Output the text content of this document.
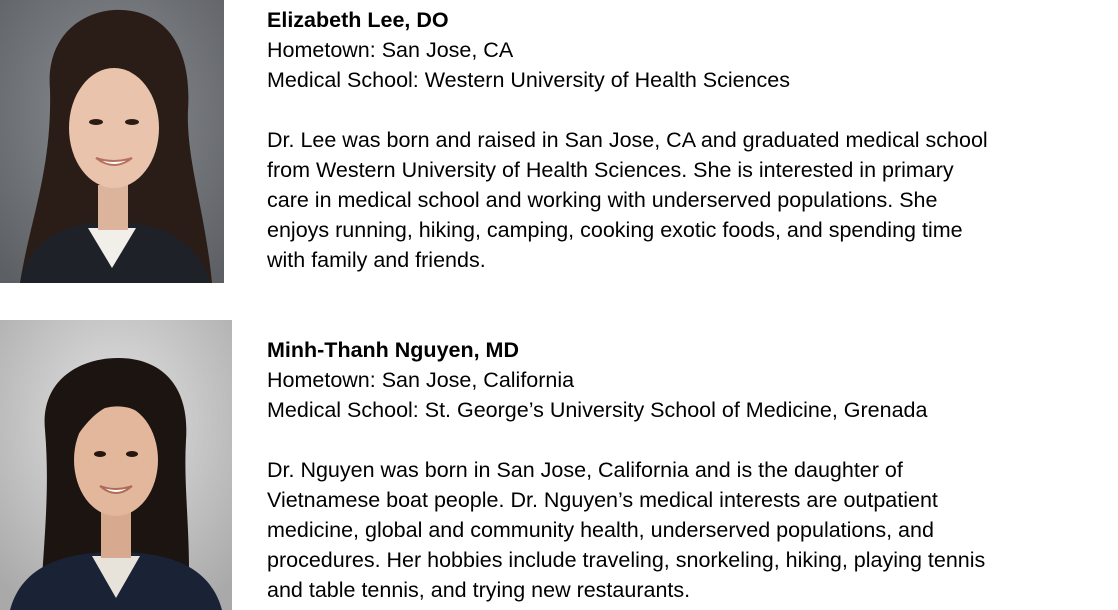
Elizabeth Lee, DO
Hometown: San Jose, CA
Medical School: Western University of Health Sciences
Dr. Lee was born and raised in San Jose, CA and graduated medical school
from Western University of Health Sciences. She is interested in primary
care in medical school and working with underserved populations. She
enjoys running, hiking, camping, cooking exotic foods, and spending time
with family and friends.
Minh-Thanh Nguyen, MD
Hometown: San Jose, California
Medical School: St. George’s University School of Medicine, Grenada
Dr. Nguyen was born in San Jose, California and is the daughter of
Vietnamese boat people. Dr. Nguyen’s medical interests are outpatient
medicine, global and community health, underserved populations, and
procedures. Her hobbies include traveling, snorkeling, hiking, playing tennis
and table tennis, and trying new restaurants.
